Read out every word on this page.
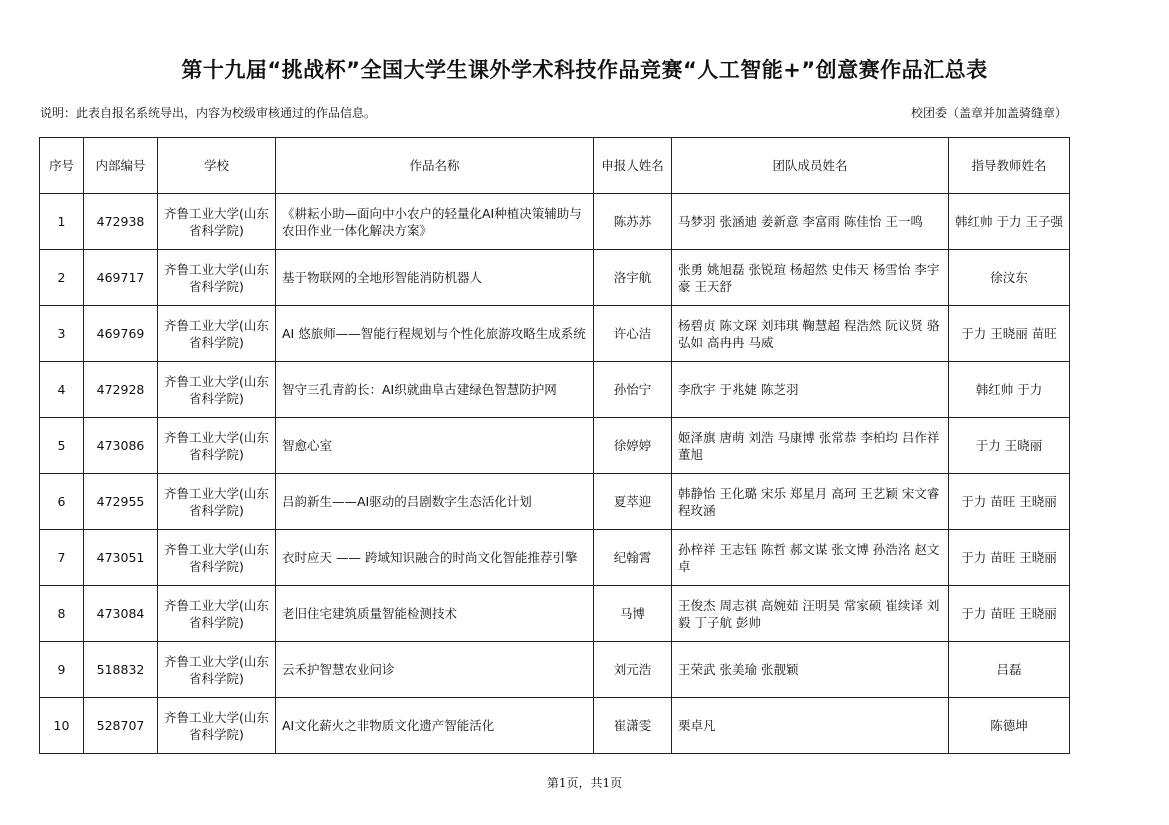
第十九届“挑战杯”全国大学生课外学术科技作品竞赛“人工智能+”创意赛作品汇总表
说明：此表自报名系统导出，内容为校级审核通过的作品信息。	校团委（盖章并加盖骑缝章）
序号	内部编号	学校	作品名称	申报人姓名	团队成员姓名	指导教师姓名
1	472938	齐鲁工业大学(山东省科学院)	《耕耘小助—面向中小农户的轻量化AI种植决策辅助与农田作业一体化解决方案》	陈苏苏	马梦羽 张涵迪 姜新意 李富雨 陈佳怡 王一鸣	韩红帅 于力 王子强
2	469717	齐鲁工业大学(山东省科学院)	基于物联网的全地形智能消防机器人	洛宇航	张勇 姚旭磊 张锐瑄 杨超然 史伟天 杨雪怡 李宇豪 王天舒	徐汶东
3	469769	齐鲁工业大学(山东省科学院)	AI 悠旅师——智能行程规划与个性化旅游攻略生成系统	许心洁	杨碧贞 陈文琛 刘玮琪 鞠慧超 程浩然 阮议贤 骆弘如 高冉冉 马威	于力 王晓丽 苗旺
4	472928	齐鲁工业大学(山东省科学院)	智守三孔青韵长：AI织就曲阜古建绿色智慧防护网	孙怡宁	李欣宇 于兆婕 陈芝羽	韩红帅 于力
5	473086	齐鲁工业大学(山东省科学院)	智愈心室	徐婷婷	姬泽旗 唐萌 刘浩 马康博 张常恭 李柏均 吕作祥 董旭	于力 王晓丽
6	472955	齐鲁工业大学(山东省科学院)	吕韵新生——AI驱动的吕剧数字生态活化计划	夏萃迎	韩静怡 王化璐 宋乐 郑星月 高珂 王艺颖 宋文睿 程玫涵	于力 苗旺 王晓丽
7	473051	齐鲁工业大学(山东省科学院)	衣时应天 —— 跨域知识融合的时尚文化智能推荐引擎	纪翰霄	孙梓祥 王志钰 陈哲 郝文谋 张文博 孙浩洺 赵文卓	于力 苗旺 王晓丽
8	473084	齐鲁工业大学(山东省科学院)	老旧住宅建筑质量智能检测技术	马博	王俊杰 周志祺 高婉茹 汪明昊 常家硕 崔续译 刘毅 丁子航 彭帅	于力 苗旺 王晓丽
9	518832	齐鲁工业大学(山东省科学院)	云禾护智慧农业问诊	刘元浩	王荣武 张美瑜 张靓颖	吕磊
10	528707	齐鲁工业大学(山东省科学院)	AI文化薪火之非物质文化遗产智能活化	崔潇雯	栗卓凡	陈德坤
第1页，共1页
